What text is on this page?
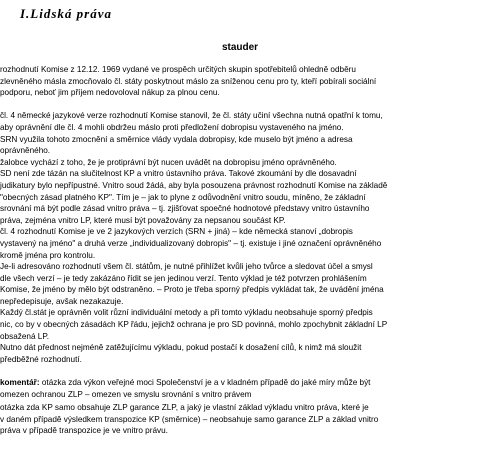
I.Lidská práva
stauder

rozhodnutí Komise z 12.12. 1969 vydané ve prospěch určitých skupin spotřebitelů ohledně odběru

zlevněného másla zmocňovalo čl. státy poskytnout máslo za sníženou cenu pro ty, kteří pobírali sociální

podporu, neboť jim příjem nedovoloval nákup za plnou cenu.

čl. 4 německé jazykové verze rozhodnutí Komise stanovil, že čl. státy učiní všechna nutná opatřní k tomu,

aby oprávnění dle čl. 4 mohli obdržeu máslo proti předložení dobropisu vystaveného na jméno.

SRN využila tohoto zmocnění a směrnice vlády vydala dobropisy, kde muselo být jméno a adresa

oprávněného.

žalobce vychází z toho, že je protiprávní být nucen uvádět na dobropisu jméno oprávněného.

SD není zde tázán na slučitelnost KP a vnitro ústavního práva. Takové zkoumání by dle dosavadní

judikatury bylo nepřípustné. Vnitro soud žádá, aby byla posouzena právnost rozhodnutí Komise na základě

"obecných zásad platného KP". Tím je – jak to plyne z odůvodnění vnitro soudu, míněno, že základní

srovnání má být podle zásad vnitro práva – tj. zjišťovat spoečné hodnotové představy vnitro ústavního

práva, zejména vnitro LP, které musí být považovány za nepsanou součást KP.

čl. 4 rozhodnutí Komise je ve 2 jazykových verzích (SRN + jiná) – kde německá stanoví „dobropis

vystavený na jméno" a druhá verze „individualizovaný dobropis" – tj. existuje i jiné označení oprávněného

kromě jména pro kontrolu.

Je-li adresováno rozhodnutí všem čl. státům, je nutné přihlížet kvůli jeho tvůrce a sledovat účel a smysl

dle všech verzí – je tedy zakázáno řídit se jen jedinou verzí. Tento výklad je též potvrzen prohlášením

Komise, že jméno by mělo být odstraněno. – Proto je třeba sporný předpis vykládat tak, že uvádění jména

nepředepisuje, avšak nezakazuje.

Každý čl.stát je oprávněn volit různí individuální metody a při tomto výkladu neobsahuje sporný předpis

nic, co by v obecných zásadách KP řádu, jejichž ochrana je pro SD povinná, mohlo zpochybnit základní LP

obsažená LP.

Nutno dát přednost nejméně zatěžujícímu výkladu, pokud postačí k dosažení cílů, k nimž má sloužit

předběžné rozhodnutí.

komentář: otázka zda výkon veřejné moci Společenství je a v kladném případě do jaké míry může být

omezen ochranou ZLP – omezen ve smyslu srovnání s vnitro právem

otázka zda KP samo obsahuje ZLP garance ZLP, a jaký je vlastní základ výkladu vnitro práva, které je

v daném případě výsledkem transpozice KP (směrnice) – neobsahuje samo garance ZLP a základ vnitro

práva v případě transpozice je ve vnitro právu.
